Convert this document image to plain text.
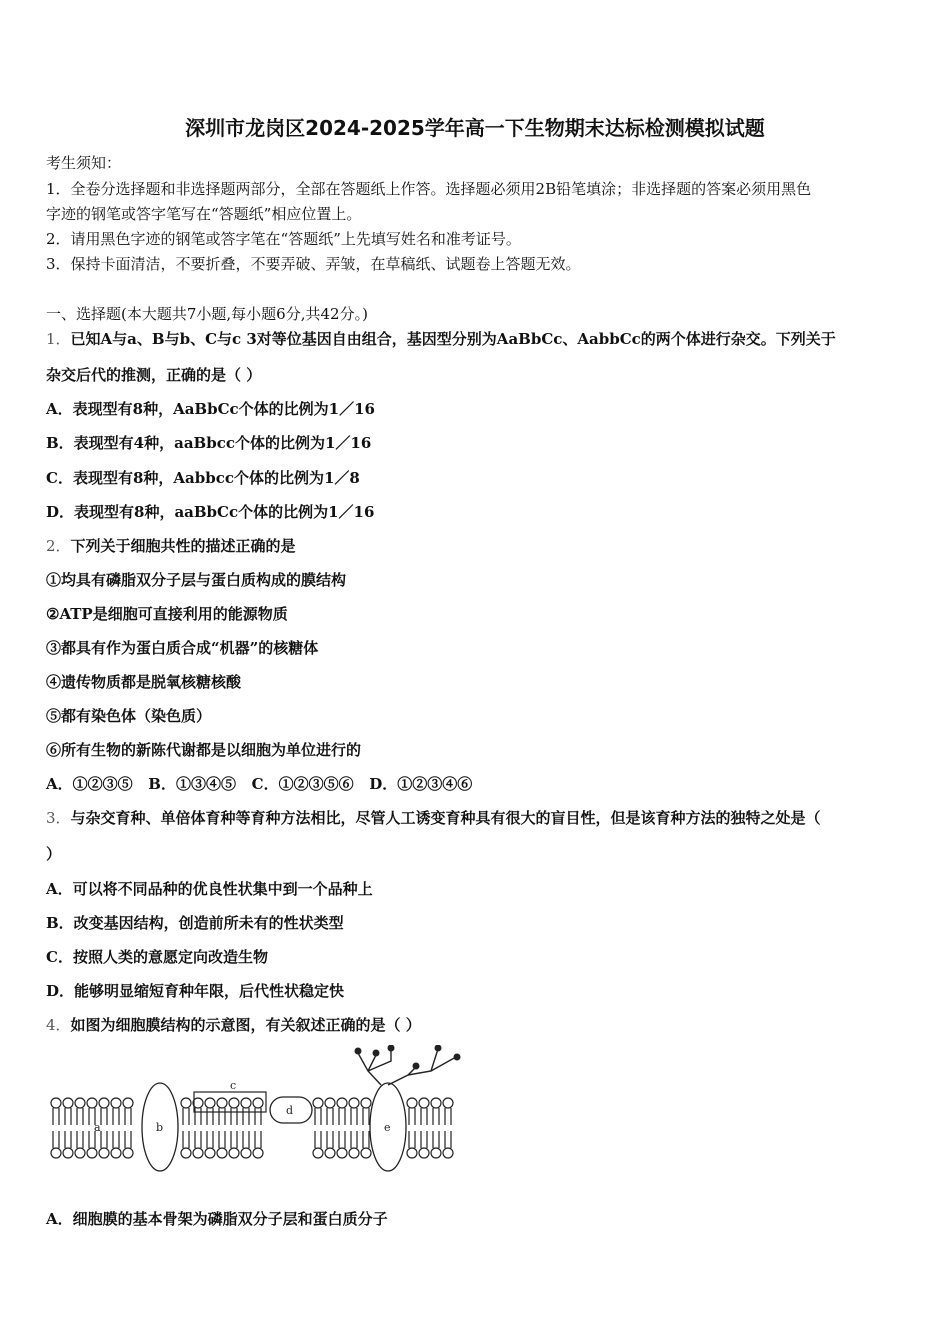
深圳市龙岗区2024-2025学年高一下生物期末达标检测模拟试题
考生须知：
1．全卷分选择题和非选择题两部分，全部在答题纸上作答。选择题必须用2B铅笔填涂；非选择题的答案必须用黑色
字迹的钢笔或答字笔写在“答题纸”相应位置上。
2．请用黑色字迹的钢笔或答字笔在“答题纸”上先填写姓名和准考证号。
3．保持卡面清洁，不要折叠，不要弄破、弄皱，在草稿纸、试题卷上答题无效。
一、选择题(本大题共7小题,每小题6分,共42分。)
1．已知A与a、B与b、C与c 3对等位基因自由组合，基因型分别为AaBbCc、AabbCc的两个体进行杂交。下列关于
杂交后代的推测，正确的是（ ）
A．表现型有8种，AaBbCc个体的比例为1／16
B．表现型有4种，aaBbcc个体的比例为1／16
C．表现型有8种，Aabbcc个体的比例为1／8
D．表现型有8种，aaBbCc个体的比例为1／16
2．下列关于细胞共性的描述正确的是
①均具有磷脂双分子层与蛋白质构成的膜结构
②ATP是细胞可直接利用的能源物质
③都具有作为蛋白质合成“机器”的核糖体
④遗传物质都是脱氧核糖核酸
⑤都有染色体（染色质）
⑥所有生物的新陈代谢都是以细胞为单位进行的
A．①②③⑤   B．①③④⑤   C．①②③⑤⑥   D．①②③④⑥
3．与杂交育种、单倍体育种等育种方法相比，尽管人工诱变育种具有很大的盲目性，但是该育种方法的独特之处是（
）
A．可以将不同品种的优良性状集中到一个品种上
B．改变基因结构，创造前所未有的性状类型
C．按照人类的意愿定向改造生物
D．能够明显缩短育种年限，后代性状稳定快
4．如图为细胞膜结构的示意图，有关叙述正确的是（ ）
a	b
c
d
e
A．细胞膜的基本骨架为磷脂双分子层和蛋白质分子
